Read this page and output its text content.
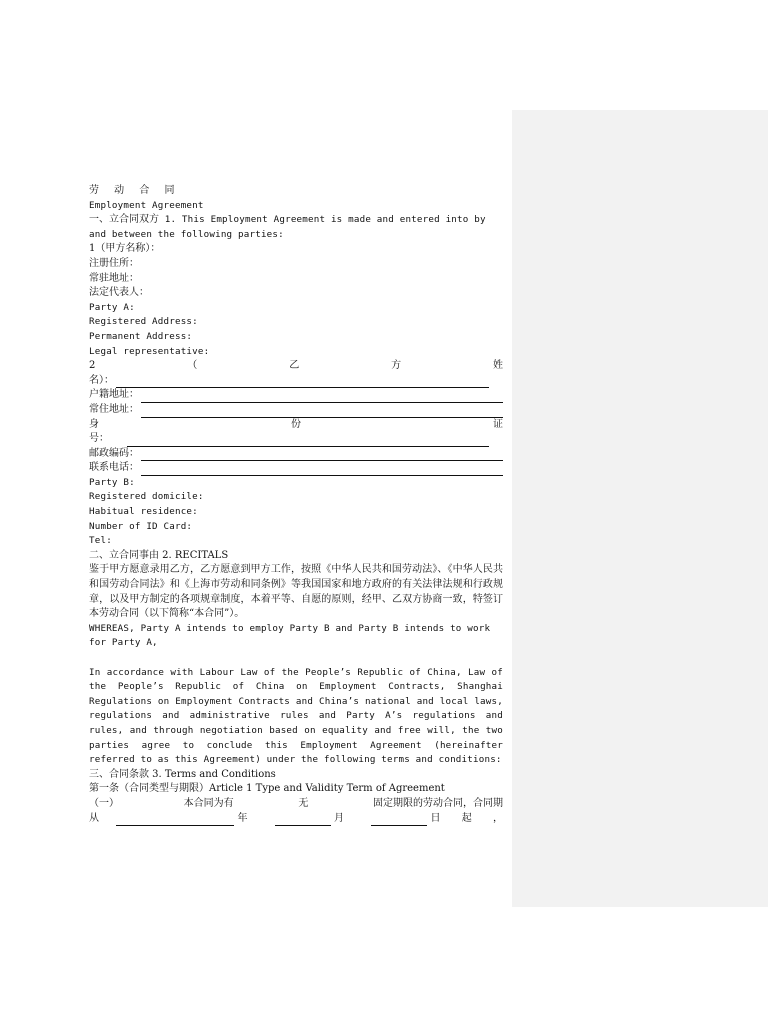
劳 动 合 同
Employment Agreement
一、立合同双方 1. This Employment Agreement is made and entered into by
and between the following parties:
1（甲方名称）：
注册住所：
常驻地址：
法定代表人：
Party A:
Registered Address:
Permanent Address:
Legal representative:
2	（	乙	方	姓
名）：
户籍地址：
常住地址：
身	份	证
号：
邮政编码：
联系电话：
Party B:
Registered domicile:
Habitual residence:
Number of ID Card:
Tel:
二、立合同事由 2. RECITALS
鉴于甲方愿意录用乙方，乙方愿意到甲方工作，按照《中华人民共和国劳动法》、《中华人民共和国劳动合同法》和《上海市劳动和同条例》等我国国家和地方政府的有关法律法规和行政规章，以及甲方制定的各项规章制度，本着平等、自愿的原则，经甲、乙双方协商一致，特签订本劳动合同（以下简称“本合同”）。
WHEREAS, Party A intends to employ Party B and Party B intends to work
for Party A,
In accordance with Labour Law of the People’s Republic of China, Law of the People’s Republic of China on Employment Contracts, Shanghai Regulations on Employment Contracts and China’s national and local laws, regulations and administrative rules and Party A’s regulations and rules, and through negotiation based on equality and free will, the two parties agree to conclude this Employment Agreement (hereinafter referred to as this Agreement) under the following terms and conditions:
三、合同条款 3. Terms and Conditions
第一条（合同类型与期限）Article 1 Type and Validity Term of Agreement
（一）	本合同为有	无	固定期限的劳动合同，合同期
从	年	月	日 起 ，
